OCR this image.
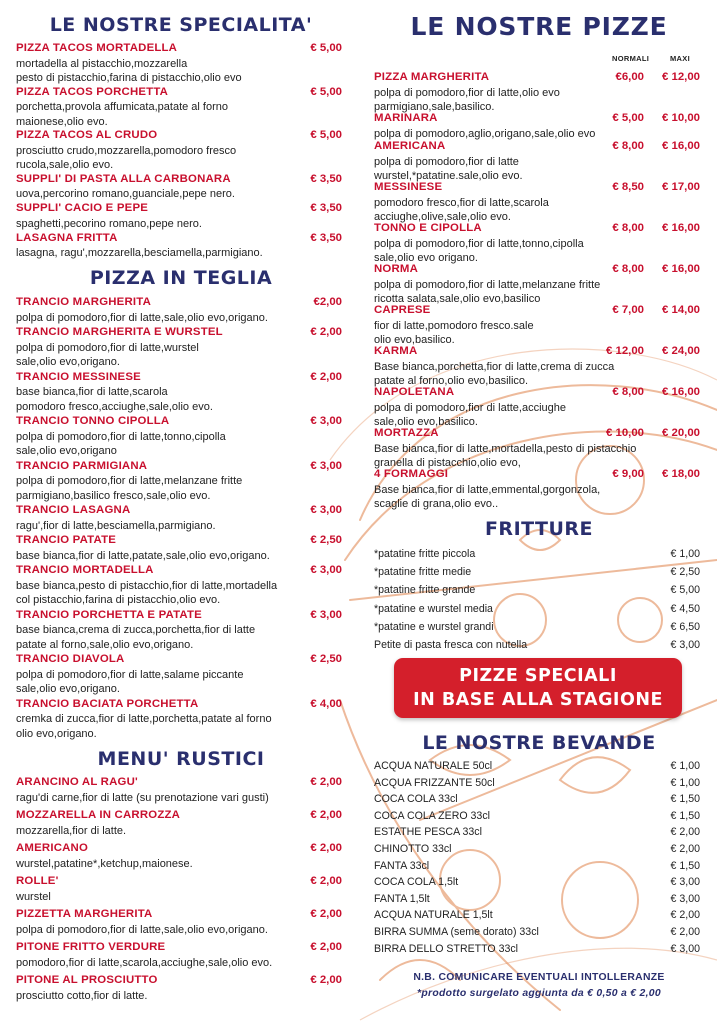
LE NOSTRE SPECIALITA'
PIZZA TACOS MORTADELLA	€ 5,00
mortadella al pistacchio,mozzarella
pesto di pistacchio,farina di pistacchio,olio evo
PIZZA TACOS PORCHETTA	€ 5,00
porchetta,provola affumicata,patate al forno
maionese,olio evo.
PIZZA TACOS AL CRUDO	€ 5,00
prosciutto crudo,mozzarella,pomodoro fresco
rucola,sale,olio evo.
SUPPLI' DI PASTA ALLA CARBONARA	€ 3,50
uova,percorino romano,guanciale,pepe nero.
SUPPLI' CACIO E PEPE	€ 3,50
spaghetti,pecorino romano,pepe nero.
LASAGNA FRITTA	€ 3,50
lasagna, ragu',mozzarella,besciamella,parmigiano.
PIZZA IN TEGLIA
TRANCIO MARGHERITA	€2,00
polpa di pomodoro,fior di latte,sale,olio evo,origano.
TRANCIO MARGHERITA E WURSTEL	€ 2,00
polpa di pomodoro,fior di latte,wurstel
sale,olio evo,origano.
TRANCIO MESSINESE	€ 2,00
base bianca,fior di latte,scarola
pomodoro fresco,acciughe,sale,olio evo.
TRANCIO TONNO CIPOLLA	€ 3,00
polpa di pomodoro,fior di latte,tonno,cipolla
sale,olio evo,origano
TRANCIO PARMIGIANA	€ 3,00
polpa di pomodoro,fior di latte,melanzane fritte
parmigiano,basilico fresco,sale,olio evo.
TRANCIO LASAGNA	€ 3,00
ragu',fior di latte,besciamella,parmigiano.
TRANCIO PATATE	€ 2,50
base bianca,fior di latte,patate,sale,olio evo,origano.
TRANCIO MORTADELLA	€ 3,00
base bianca,pesto di pistacchio,fior di latte,mortadella
col pistacchio,farina di pistacchio,olio evo.
TRANCIO PORCHETTA E PATATE	€ 3,00
base bianca,crema di zucca,porchetta,fior di latte
patate al forno,sale,olio evo,origano.
TRANCIO DIAVOLA	€ 2,50
polpa di pomodoro,fior di latte,salame piccante
sale,olio evo,origano.
TRANCIO BACIATA PORCHETTA	€ 4,00
cremka di zucca,fior di latte,porchetta,patate al forno
olio evo,origano.
MENU' RUSTICI
ARANCINO AL RAGU'	€ 2,00
ragu'di carne,fior di latte (su prenotazione vari gusti)
MOZZARELLA IN CARROZZA	€ 2,00
mozzarella,fior di latte.
AMERICANO	€ 2,00
wurstel,patatine*,ketchup,maionese.
ROLLE'	€ 2,00
wurstel
PIZZETTA MARGHERITA	€ 2,00
polpa di pomodoro,fior di latte,sale,olio evo,origano.
PITONE FRITTO VERDURE	€ 2,00
pomodoro,fior di latte,scarola,acciughe,sale,olio evo.
PITONE AL PROSCIUTTO	€ 2,00
prosciutto cotto,fior di latte.
LE NOSTRE PIZZE
NORMALI	MAXI
PIZZA MARGHERITA	€6,00 € 12,00
polpa di pomodoro,fior di latte,olio evo
parmigiano,sale,basilico.
MARINARA	€ 5,00 € 10,00
polpa di pomodoro,aglio,origano,sale,olio evo
AMERICANA	€ 8,00 € 16,00
polpa di pomodoro,fior di latte
wurstel,*patatine.sale,olio evo.
MESSINESE	€ 8,50 € 17,00
pomodoro fresco,fior di latte,scarola
acciughe,olive,sale,olio evo.
TONNO E CIPOLLA	€ 8,00 € 16,00
polpa di pomodoro,fior di latte,tonno,cipolla
sale,olio evo origano.
NORMA	€ 8,00 € 16,00
polpa di pomodoro,fior di latte,melanzane fritte
ricotta salata,sale,olio evo,basilico
CAPRESE	€ 7,00 € 14,00
fior di latte,pomodoro fresco.sale
olio evo,basilico.
KARMA	€ 12,00 € 24,00
Base bianca,porchetta,fior di latte,crema di zucca
patate al forno,olio evo,basilico.
NAPOLETANA	€ 8,00 € 16,00
polpa di pomodoro,fior di latte,acciughe
sale,olio evo,basilico.
MORTAZZA	€ 10,00 € 20,00
Base bianca,fior di latte,mortadella,pesto di pistacchio
granella di pistacchio,olio evo,
4 FORMAGGI	€ 9,00 € 18,00
Base bianca,fior di latte,emmental,gorgonzola,
scaglie di grana,olio evo..
FRITTURE
*patatine fritte piccola	€ 1,00
*patatine fritte medie	€ 2,50
*patatine fritte grande	€ 5,00
*patatine e wurstel media	€ 4,50
*patatine e wurstel grandi	€ 6,50
Petite di pasta fresca con nutella	€ 3,00
LE NOSTRE BEVANDE
ACQUA NATURALE 50cl	€ 1,00
ACQUA FRIZZANTE 50cl	€ 1,00
COCA COLA 33cl	€ 1,50
COCA COLA ZERO 33cl	€ 1,50
ESTATHE PESCA 33cl	€ 2,00
CHINOTTO 33cl	€ 2,00
FANTA 33cl	€ 1,50
COCA COLA 1,5lt	€ 3,00
FANTA 1,5lt	€ 3,00
ACQUA NATURALE 1,5lt	€ 2,00
BIRRA SUMMA (seme dorato) 33cl	€ 2,00
BIRRA DELLO STRETTO 33cl	€ 3,00
PIZZE SPECIALI
IN BASE ALLA STAGIONE
N.B. COMUNICARE EVENTUALI INTOLLERANZE
*prodotto surgelato aggiunta da € 0,50 a € 2,00
